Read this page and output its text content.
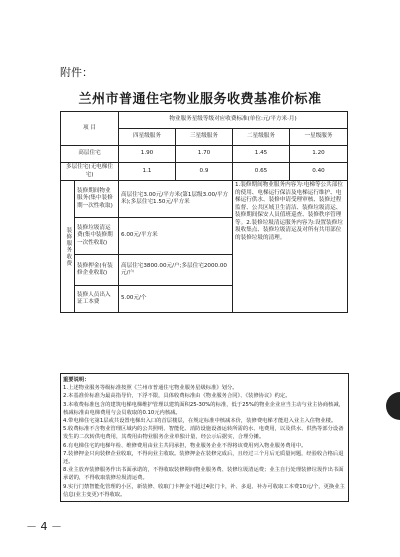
附件：
兰州市普通住宅物业服务收费基准价标准
项 目		物业服务星级等级对应收费标准(单位:元/平方米·月)			
		四星级服务	三星级服务	二星级服务	一星级服务
高层住宅		1.90	1.70	1.45	1.20
多层住宅(无电梯住宅)		1.1	0.9	0.65	0.40

装修服务收费	装修期间物业服务(集中装修期一次性收取)	高层住宅3.00元/平方米(第1层级3.00/平方米);多层住宅1.50元/平方米		1.装修期间物业服务内容为:电梯等公共部位的使用、电梯运行保洁及电梯运行维护、电梯运行供水、装修申请受理审核、装修过程监督、公共区域卫生清洁、装修垃圾清运、装修期间保安人员值班巡查、装修秩序管理等。2.装修垃圾清运服务内容为:设置装修垃圾收集点、装修垃圾清运及对所有共用部位的装修垃圾的清理。	
	装修垃圾清运费(集中装修期一次性收取)	6.00元/平方米			
	装修押金(有装修企业收取)	高层住宅3800.00元/户;多层住宅2000.00元/户			
	装修人员出入证工本费	5.00元/个			

重要说明：

1.上述物业服务等级标准按照《兰州市普通住宅物业服务星级标准》划分。

2.本基准价标准为最高指导价，下浮不限，具体收费标准由《物业服务合同》、《装修协议》约定。

3.本收费标准包含的建筑电梯电梯维护管理以建筑面积25-30%的标准，低于25%的物业企业应当主动与业主协商核减，核减标准由电梯费用与会员收取的0.10元内核减。

4.带电梯住宅第1层或共设置电梯出入口的首层楼层，在规定标准中核减本价，装修费电梯才能进入业主入住物业楼。

5.收费标准不含物业管理区域内的公共照明、智能化、消防设施设备运转所需的水、电费用，以及供水、供热等部分设备发生的二次转供电费用，其费用由物业服务企业单独计量，经公示后据实，合理分摊。

6.有电梯住宅的电梯年检、维修费用由业主共同承担，物业服务企业不得将该费用列入物业服务费用中。

7.装修押金只向装修企业收取，不得向业主收取。装修押金在装修完成后，且经过三个月后无质量问题，经验收合格后退还。

8.业主放弃装修服务作出书面承诺的，不得收取装修期间物业服务费、装修垃圾清运费；业主自行处理装修垃圾作出书面承诺的，不得收取装修垃圾清运费。

9.实行门禁智能化管理的小区，新装修、收取门卡押金不超过4张门卡，补、多退、补办可收取工本费10元/个，更换业主信息(业主变更)不得收取。

－ 4 －
